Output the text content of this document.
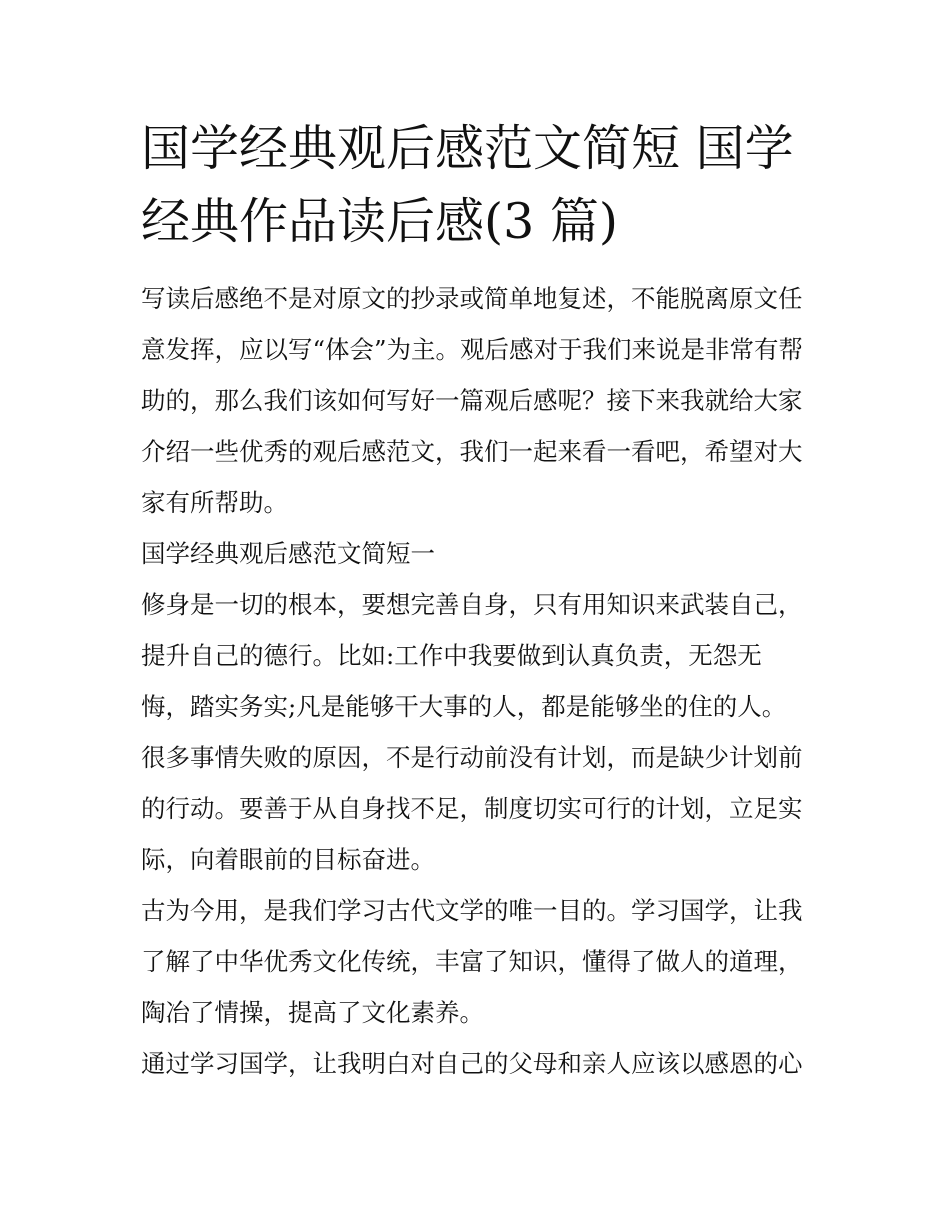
国学经典观后感范文简短 国学
经典作品读后感(3 篇)

写读后感绝不是对原文的抄录或简单地复述，不能脱离原文任
意发挥，应以写“体会”为主。观后感对于我们来说是非常有帮
助的，那么我们该如何写好一篇观后感呢？接下来我就给大家
介绍一些优秀的观后感范文，我们一起来看一看吧，希望对大
家有所帮助。

国学经典观后感范文简短一

修身是一切的根本，要想完善自身，只有用知识来武装自己，
提升自己的德行。比如:工作中我要做到认真负责，无怨无
悔，踏实务实;凡是能够干大事的人，都是能够坐的住的人。
很多事情失败的原因，不是行动前没有计划，而是缺少计划前
的行动。要善于从自身找不足，制度切实可行的计划，立足实
际，向着眼前的目标奋进。

古为今用，是我们学习古代文学的唯一目的。学习国学，让我
了解了中华优秀文化传统，丰富了知识，懂得了做人的道理，
陶冶了情操，提高了文化素养。

通过学习国学，让我明白对自己的父母和亲人应该以感恩的心
